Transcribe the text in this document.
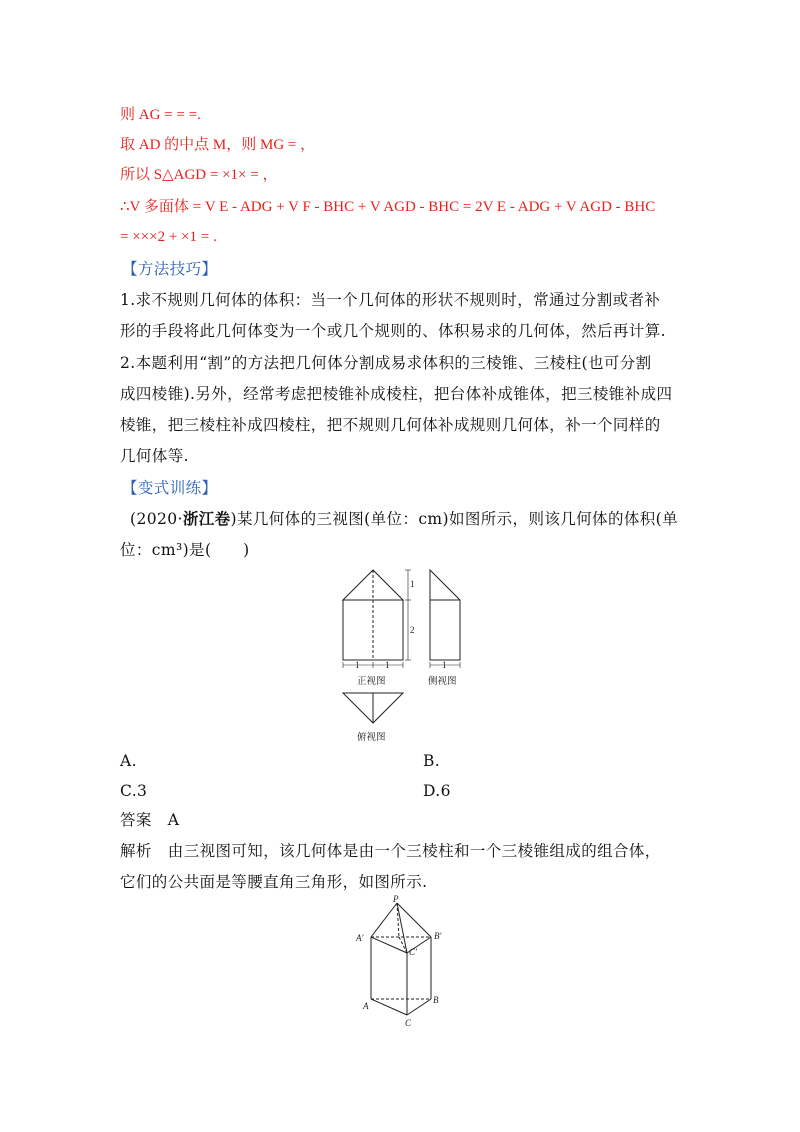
则 AG = = =.
取 AD 的中点 M，则 MG = ，
所以 S△AGD = ×1× = ，
∴V 多面体 = V E - ADG + V F - BHC + V AGD - BHC = 2V E - ADG + V AGD - BHC
= ×××2 + ×1 = .
【方法技巧】
1.求不规则几何体的体积：当一个几何体的形状不规则时，常通过分割或者补
形的手段将此几何体变为一个或几个规则的、体积易求的几何体，然后再计算.
2.本题利用“割”的方法把几何体分割成易求体积的三棱锥、三棱柱(也可分割
成四棱锥).另外，经常考虑把棱锥补成棱柱，把台体补成锥体，把三棱锥补成四
棱锥，把三棱柱补成四棱柱，把不规则几何体补成规则几何体，补一个同样的
几何体等.
【变式训练】
(2020·浙江卷)某几何体的三视图(单位：cm)如图所示，则该几何体的体积(单
位：cm³)是(　　)
1
2
1	1
正视图
1
侧视图
俯视图
A.	B.
C.3	D.6
答案 A
解析 由三视图可知，该几何体是由一个三棱柱和一个三棱锥组成的组合体，
它们的公共面是等腰直角三角形，如图所示.
P
A′	B′
C′
A
B
C
